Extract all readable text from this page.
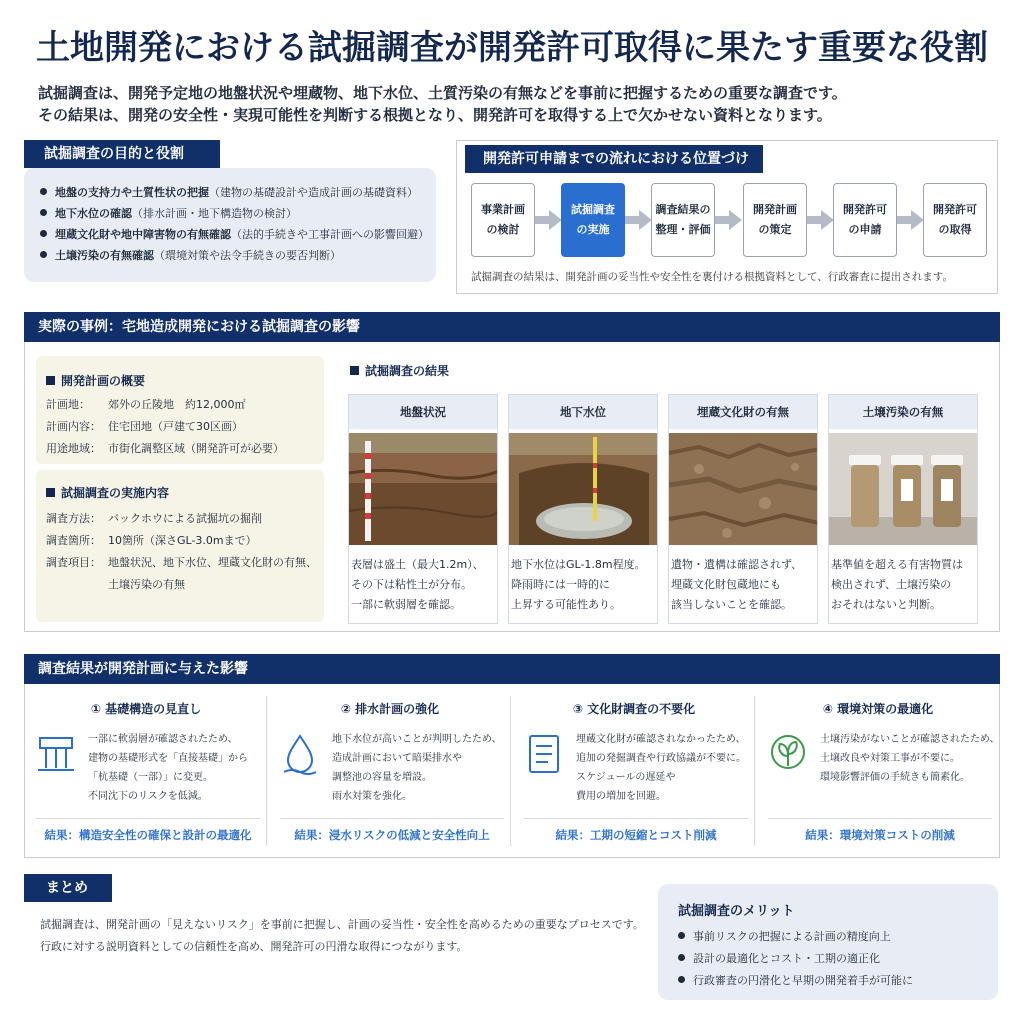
土地開発における試掘調査が開発許可取得に果たす重要な役割
試掘調査は、開発予定地の地盤状況や埋蔵物、地下水位、土質汚染の有無などを事前に把握するための重要な調査です。
その結果は、開発の安全性・実現可能性を判断する根拠となり、開発許可を取得する上で欠かせない資料となります。
試掘調査の目的と役割
地盤の支持力や土質性状の把握（建物の基礎設計や造成計画の基礎資料）
地下水位の確認（排水計画・地下構造物の検討）
埋蔵文化財や地中障害物の有無確認（法的手続きや工事計画への影響回避）
土壌汚染の有無確認（環境対策や法令手続きの要否判断）
開発許可申請までの流れにおける位置づけ
事業計画
の検討
試掘調査
の実施
調査結果の
整理・評価
開発計画
の策定
開発許可
の申請
開発許可
の取得
試掘調査の結果は、開発計画の妥当性や安全性を裏付ける根拠資料として、行政審査に提出されます。
実際の事例：宅地造成開発における試掘調査の影響
開発計画の概要
計画地： 郊外の丘陵地　約12,000㎡
計画内容： 住宅団地（戸建て30区画）
用途地域： 市街化調整区域（開発許可が必要）
試掘調査の実施内容
調査方法： バックホウによる試掘坑の掘削
調査箇所： 10箇所（深さGL-3.0mまで）
調査項目： 地盤状況、地下水位、埋蔵文化財の有無、
土壌汚染の有無
試掘調査の結果
地盤状況
表層は盛土（最大1.2m）、
その下は粘性土が分布。
一部に軟弱層を確認。
地下水位
地下水位はGL-1.8m程度。
降雨時には一時的に
上昇する可能性あり。
埋蔵文化財の有無
遺物・遺構は確認されず、
埋蔵文化財包蔵地にも
該当しないことを確認。
土壌汚染の有無
基準値を超える有害物質は
検出されず、土壌汚染の
おそれはないと判断。
調査結果が開発計画に与えた影響
① 基礎構造の見直し
一部に軟弱層が確認されたため、
建物の基礎形式を「直接基礎」から
「杭基礎（一部）」に変更。
不同沈下のリスクを低減。
結果：構造安全性の確保と設計の最適化
② 排水計画の強化
地下水位が高いことが判明したため、
造成計画において暗渠排水や
調整池の容量を増設。
雨水対策を強化。
結果：浸水リスクの低減と安全性向上
③ 文化財調査の不要化
埋蔵文化財が確認されなかったため、
追加の発掘調査や行政協議が不要に。
スケジュールの遅延や
費用の増加を回避。
結果：工期の短縮とコスト削減
④ 環境対策の最適化
土壌汚染がないことが確認されたため、
土壌改良や対策工事が不要に。
環境影響評価の手続きも簡素化。
結果：環境対策コストの削減
まとめ
試掘調査は、開発計画の「見えないリスク」を事前に把握し、計画の妥当性・安全性を高めるための重要なプロセスです。
行政に対する説明資料としての信頼性を高め、開発許可の円滑な取得につながります。
試掘調査のメリット
事前リスクの把握による計画の精度向上
設計の最適化とコスト・工期の適正化
行政審査の円滑化と早期の開発着手が可能に
